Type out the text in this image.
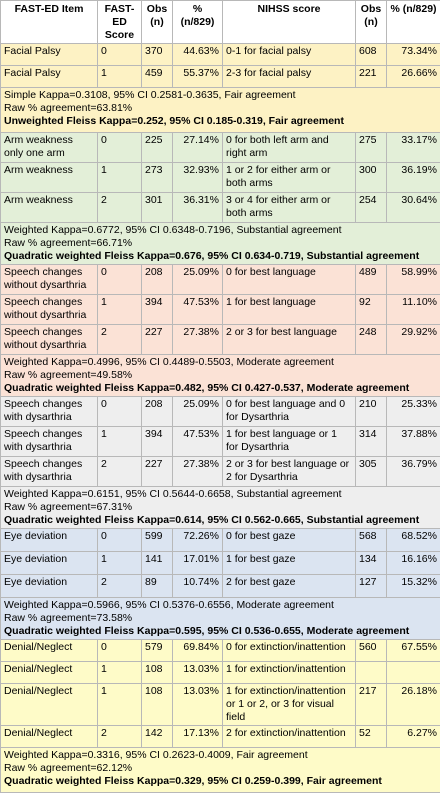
FAST-ED Item	FAST-ED Score	Obs (n)	% (n/829)	NIHSS score	Obs (n)	% (n/829)
Facial Palsy	0	370	44.63%	0-1 for facial palsy	608	73.34%
Facial Palsy	1	459	55.37%	2-3 for facial palsy	221	26.66%

Simple Kappa=0.3108, 95% CI 0.2581-0.3635, Fair agreement
Raw % agreement=63.81%
Unweighted Fleiss Kappa=0.252, 95% CI 0.185-0.319, Fair agreement						

Arm weakness only one arm	0	225	27.14%	0 for both left arm and right arm	275	33.17%
Arm weakness	1	273	32.93%	1 or 2 for either arm or both arms	300	36.19%
Arm weakness	2	301	36.31%	3 or 4 for either arm or both arms	254	30.64%

Weighted Kappa=0.6772, 95% CI 0.6348-0.7196, Substantial agreement
Raw % agreement=66.71%
Quadratic weighted Fleiss Kappa=0.676, 95% CI 0.634-0.719, Substantial agreement						

Speech changes without dysarthria	0	208	25.09%	0 for best language	489	58.99%
Speech changes without dysarthria	1	394	47.53%	1 for best language	92	11.10%
Speech changes without dysarthria	2	227	27.38%	2 or 3 for best language	248	29.92%

Weighted Kappa=0.4996, 95% CI 0.4489-0.5503, Moderate agreement
Raw % agreement=49.58%
Quadratic weighted Fleiss Kappa=0.482, 95% CI 0.427-0.537, Moderate agreement						

Speech changes with dysarthria	0	208	25.09%	0 for best language and 0 for Dysarthria	210	25.33%
Speech changes with dysarthria	1	394	47.53%	1 for best language or 1 for Dysarthria	314	37.88%
Speech changes with dysarthria	2	227	27.38%	2 or 3 for best language or 2 for Dysarthria	305	36.79%

Weighted Kappa=0.6151, 95% CI 0.5644-0.6658, Substantial agreement
Raw % agreement=67.31%
Quadratic weighted Fleiss Kappa=0.614, 95% CI 0.562-0.665, Substantial agreement						

Eye deviation	0	599	72.26%	0 for best gaze	568	68.52%
Eye deviation	1	141	17.01%	1 for best gaze	134	16.16%
Eye deviation	2	89	10.74%	2 for best gaze	127	15.32%

Weighted Kappa=0.5966, 95% CI 0.5376-0.6556, Moderate agreement
Raw % agreement=73.58%
Quadratic weighted Fleiss Kappa=0.595, 95% CI 0.536-0.655, Moderate agreement						

Denial/Neglect	0	579	69.84%	0 for extinction/inattention	560	67.55%
Denial/Neglect	1	108	13.03%	1 for extinction/inattention		
Denial/Neglect	1	108	13.03%	1 for extinction/inattention or 1 or 2, or 3 for visual field	217	26.18%
Denial/Neglect	2	142	17.13%	2 for extinction/inattention	52	6.27%

Weighted Kappa=0.3316, 95% CI 0.2623-0.4009, Fair agreement
Raw % agreement=62.12%
Quadratic weighted Fleiss Kappa=0.329, 95% CI 0.259-0.399, Fair agreement						
